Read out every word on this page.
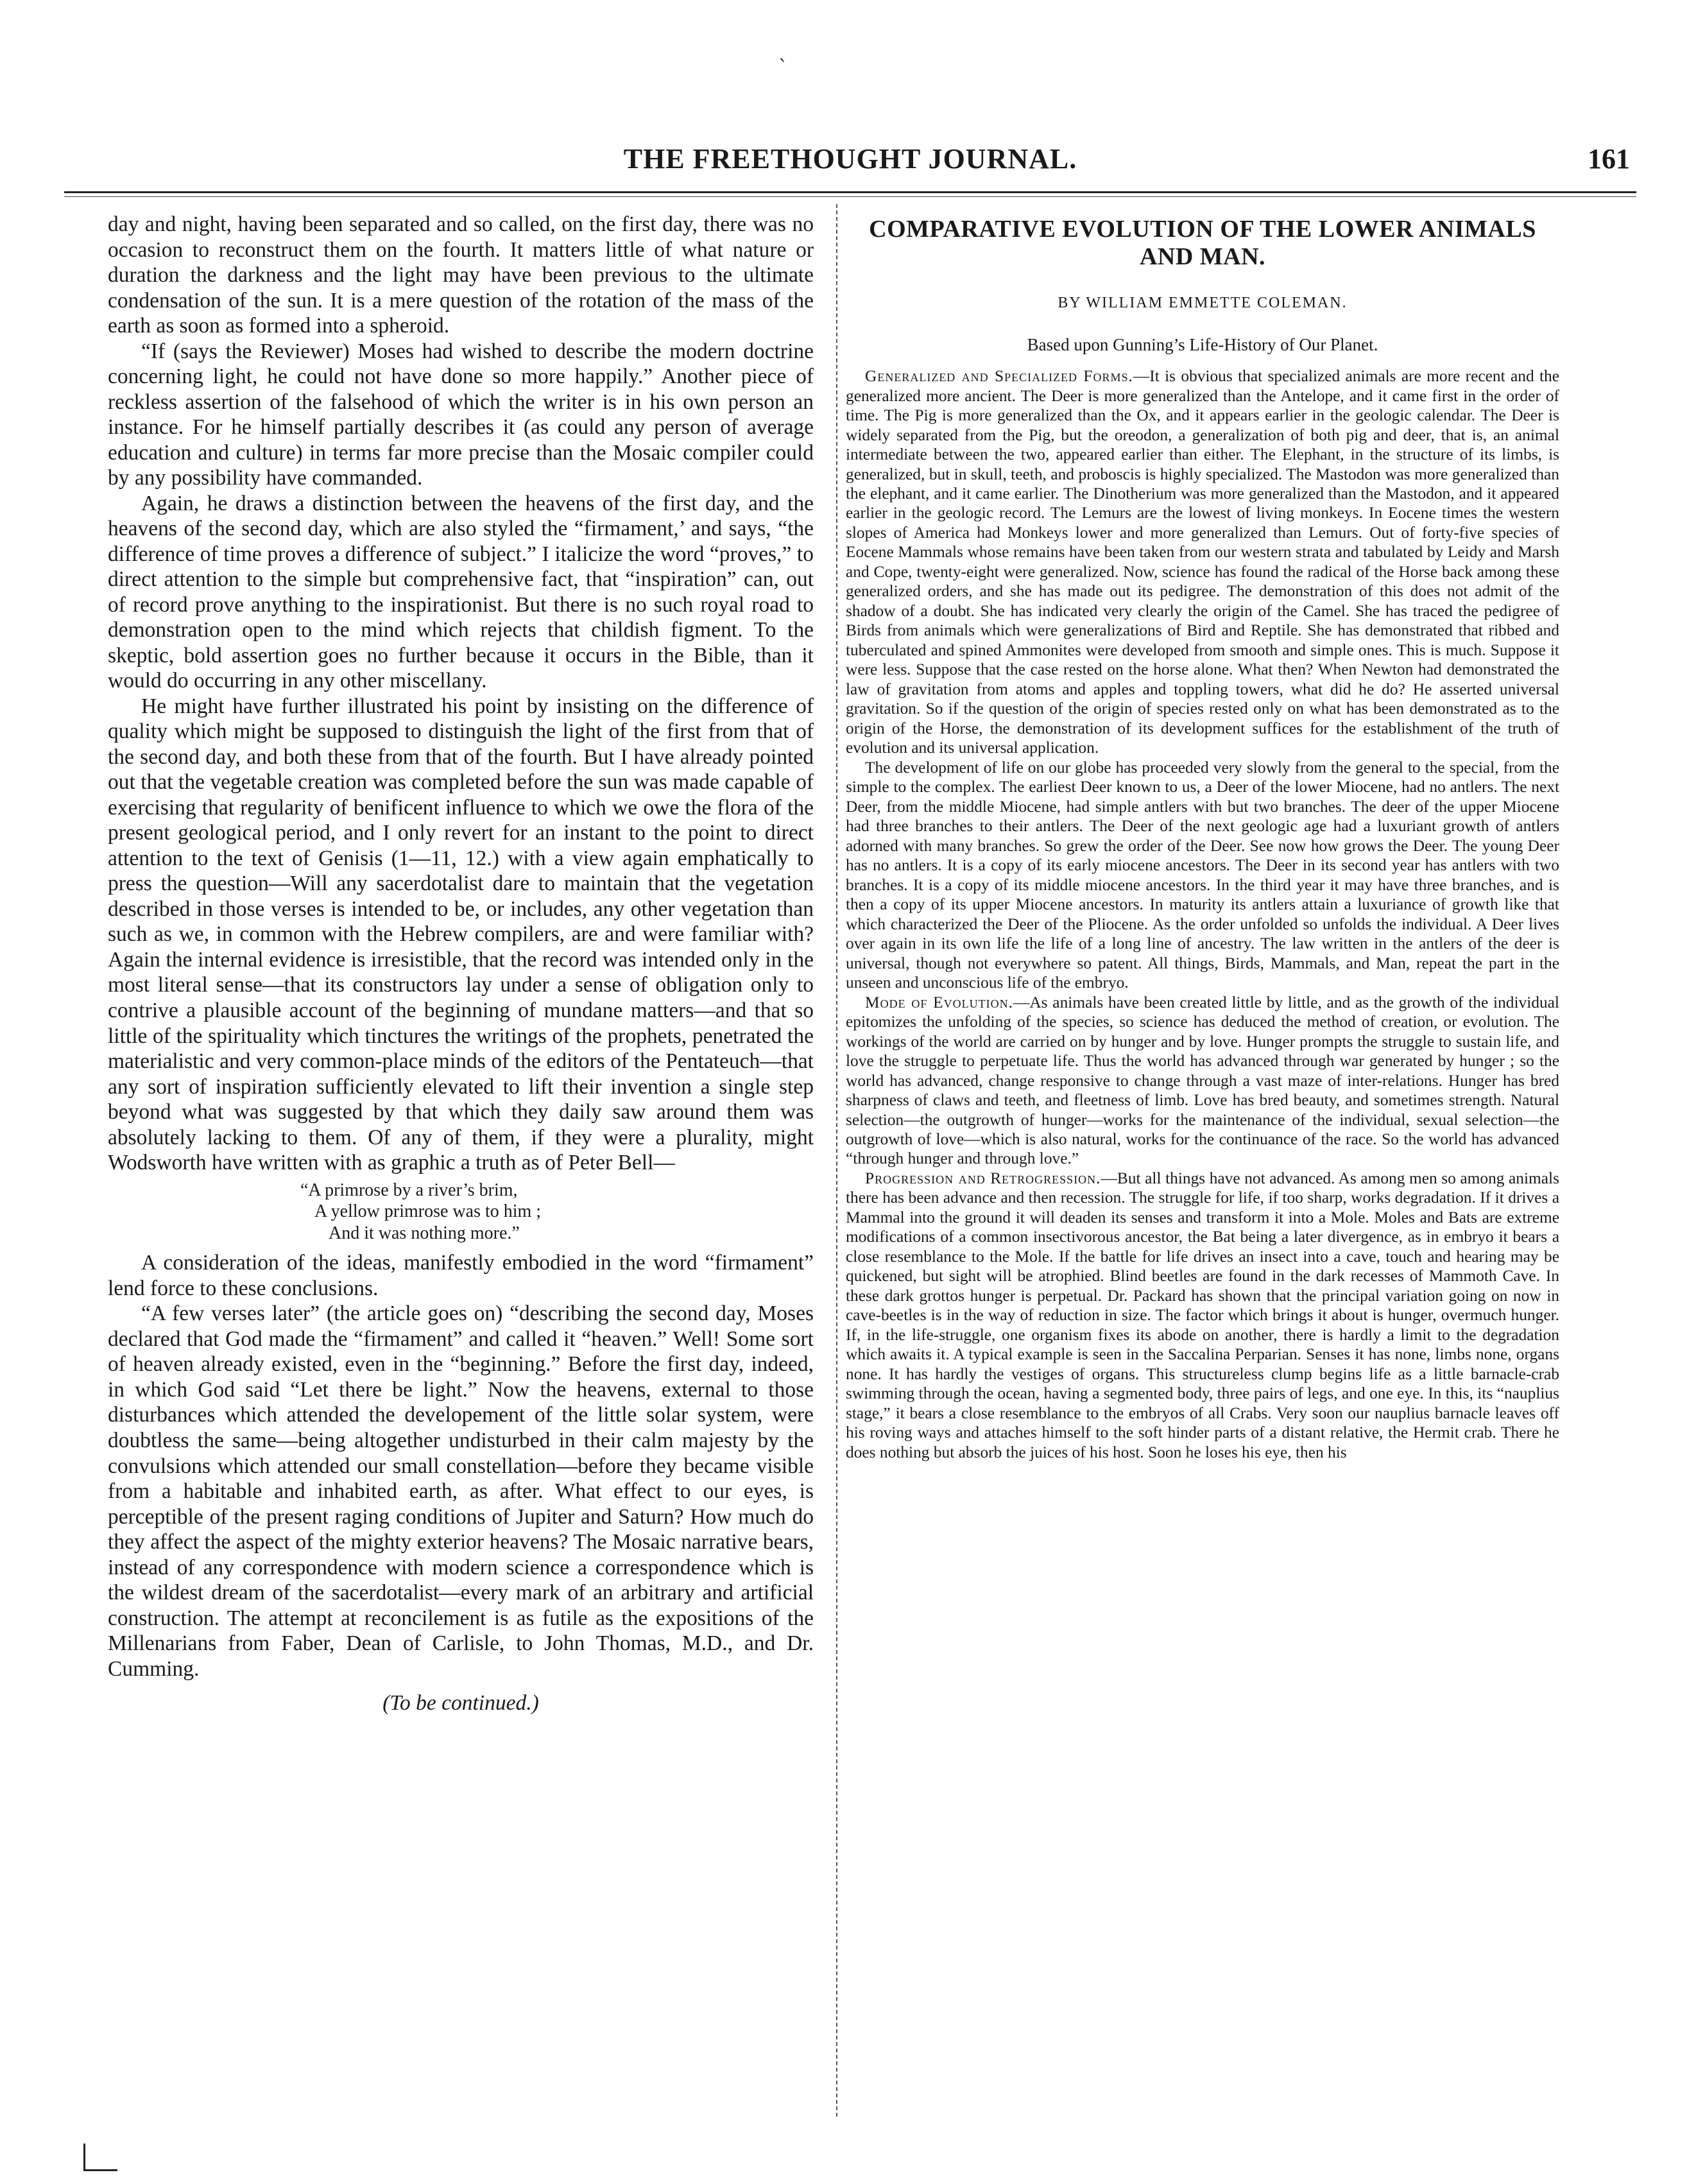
`
THE FREETHOUGHT JOURNAL.	161

day and night, having been separated and so called, on the first day, there was no occasion to reconstruct them on the fourth. It matters little of what nature or duration the darkness and the light may have been previous to the ultimate condensation of the sun. It is a mere question of the rotation of the mass of the earth as soon as formed into a spheroid.

“If (says the Reviewer) Moses had wished to describe the modern doctrine concerning light, he could not have done so more happily.” Another piece of reckless assertion of the falsehood of which the writer is in his own person an instance. For he himself partially describes it (as could any person of average education and culture) in terms far more precise than the Mosaic compiler could by any possibility have commanded.

Again, he draws a distinction between the heavens of the first day, and the heavens of the second day, which are also styled the “firmament,’ and says, “the difference of time proves a difference of subject.” I italicize the word “proves,” to direct attention to the simple but comprehensive fact, that “inspiration” can, out of record prove anything to the inspirationist. But there is no such royal road to demonstration open to the mind which rejects that childish figment. To the skeptic, bold assertion goes no further because it occurs in the Bible, than it would do occurring in any other miscellany.

He might have further illustrated his point by insisting on the difference of quality which might be supposed to distinguish the light of the first from that of the second day, and both these from that of the fourth. But I have already pointed out that the vegetable creation was completed before the sun was made capable of exercising that regularity of benificent influence to which we owe the flora of the present geological period, and I only revert for an instant to the point to direct attention to the text of Genisis (1—11, 12.) with a view again emphatically to press the question—Will any sacerdotalist dare to maintain that the vegetation described in those verses is intended to be, or includes, any other vegetation than such as we, in common with the Hebrew compilers, are and were familiar with? Again the internal evidence is irresistible, that the record was intended only in the most literal sense—that its constructors lay under a sense of obligation only to contrive a plausible account of the beginning of mundane matters—and that so little of the spirituality which tinctures the writings of the prophets, penetrated the materialistic and very common-place minds of the editors of the Pentateuch—that any sort of inspiration sufficiently elevated to lift their invention a single step beyond what was suggested by that which they daily saw around them was absolutely lacking to them. Of any of them, if they were a plurality, might Wodsworth have written with as graphic a truth as of Peter Bell—

“A primrose by a river’s brim,
A yellow primrose was to him ;
And it was nothing more.”

A consideration of the ideas, manifestly embodied in the word “firmament” lend force to these conclusions.

“A few verses later” (the article goes on) “describing the second day, Moses declared that God made the “firmament” and called it “heaven.” Well! Some sort of heaven already existed, even in the “beginning.” Before the first day, indeed, in which God said “Let there be light.” Now the heavens, external to those disturbances which attended the developement of the little solar system, were doubtless the same—being altogether undisturbed in their calm majesty by the convulsions which attended our small constellation—before they became visible from a habitable and inhabited earth, as after. What effect to our eyes, is perceptible of the present raging conditions of Jupiter and Saturn? How much do they affect the aspect of the mighty exterior heavens? The Mosaic narrative bears, instead of any correspondence with modern science a correspondence which is the wildest dream of the sacerdotalist—every mark of an arbitrary and artificial construction. The attempt at reconcilement is as futile as the expositions of the Millenarians from Faber, Dean of Carlisle, to John Thomas, M.D., and Dr. Cumming.

(To be continued.)
COMPARATIVE EVOLUTION OF THE LOWER ANIMALS
AND MAN.
BY WILLIAM EMMETTE COLEMAN.
Based upon Gunning’s Life-History of Our Planet.

Generalized and Specialized Forms.—It is obvious that specialized animals are more recent and the generalized more ancient. The Deer is more generalized than the Antelope, and it came first in the order of time. The Pig is more generalized than the Ox, and it appears earlier in the geologic calendar. The Deer is widely separated from the Pig, but the oreodon, a generalization of both pig and deer, that is, an animal intermediate between the two, appeared earlier than either. The Elephant, in the structure of its limbs, is generalized, but in skull, teeth, and proboscis is highly specialized. The Mastodon was more generalized than the elephant, and it came earlier. The Dinotherium was more generalized than the Mastodon, and it appeared earlier in the geologic record. The Lemurs are the lowest of living monkeys. In Eocene times the western slopes of America had Monkeys lower and more generalized than Lemurs. Out of forty-five species of Eocene Mammals whose remains have been taken from our western strata and tabulated by Leidy and Marsh and Cope, twenty-eight were generalized. Now, science has found the radical of the Horse back among these generalized orders, and she has made out its pedigree. The demonstration of this does not admit of the shadow of a doubt. She has indicated very clearly the origin of the Camel. She has traced the pedigree of Birds from animals which were generalizations of Bird and Reptile. She has demonstrated that ribbed and tuberculated and spined Ammonites were developed from smooth and simple ones. This is much. Suppose it were less. Suppose that the case rested on the horse alone. What then? When Newton had demonstrated the law of gravitation from atoms and apples and toppling towers, what did he do? He asserted universal gravitation. So if the question of the origin of species rested only on what has been demonstrated as to the origin of the Horse, the demonstration of its development suffices for the establishment of the truth of evolution and its universal application.

The development of life on our globe has proceeded very slowly from the general to the special, from the simple to the complex. The earliest Deer known to us, a Deer of the lower Miocene, had no antlers. The next Deer, from the middle Miocene, had simple antlers with but two branches. The deer of the upper Miocene had three branches to their antlers. The Deer of the next geologic age had a luxuriant growth of antlers adorned with many branches. So grew the order of the Deer. See now how grows the Deer. The young Deer has no antlers. It is a copy of its early miocene ancestors. The Deer in its second year has antlers with two branches. It is a copy of its middle miocene ancestors. In the third year it may have three branches, and is then a copy of its upper Miocene ancestors. In maturity its antlers attain a luxuriance of growth like that which characterized the Deer of the Pliocene. As the order unfolded so unfolds the individual. A Deer lives over again in its own life the life of a long line of ancestry. The law written in the antlers of the deer is universal, though not everywhere so patent. All things, Birds, Mammals, and Man, repeat the part in the unseen and unconscious life of the embryo.

Mode of Evolution.—As animals have been created little by little, and as the growth of the individual epitomizes the unfolding of the species, so science has deduced the method of creation, or evolution. The workings of the world are carried on by hunger and by love. Hunger prompts the struggle to sustain life, and love the struggle to perpetuate life. Thus the world has advanced through war generated by hunger ; so the world has advanced, change responsive to change through a vast maze of inter-relations. Hunger has bred sharpness of claws and teeth, and fleetness of limb. Love has bred beauty, and sometimes strength. Natural selection—the outgrowth of hunger—works for the maintenance of the individual, sexual selection—the outgrowth of love—which is also natural, works for the continuance of the race. So the world has advanced “through hunger and through love.”

Progression and Retrogression.—But all things have not advanced. As among men so among animals there has been advance and then recession. The struggle for life, if too sharp, works degradation. If it drives a Mammal into the ground it will deaden its senses and transform it into a Mole. Moles and Bats are extreme modifications of a common insectivorous ancestor, the Bat being a later divergence, as in embryo it bears a close resemblance to the Mole. If the battle for life drives an insect into a cave, touch and hearing may be quickened, but sight will be atrophied. Blind beetles are found in the dark recesses of Mammoth Cave. In these dark grottos hunger is perpetual. Dr. Packard has shown that the principal variation going on now in cave-beetles is in the way of reduction in size. The factor which brings it about is hunger, overmuch hunger. If, in the life-struggle, one organism fixes its abode on another, there is hardly a limit to the degradation which awaits it. A typical example is seen in the Saccalina Perparian. Senses it has none, limbs none, organs none. It has hardly the vestiges of organs. This structureless clump begins life as a little barnacle-crab swimming through the ocean, having a segmented body, three pairs of legs, and one eye. In this, its “nauplius stage,” it bears a close resemblance to the embryos of all Crabs. Very soon our nauplius barnacle leaves off his roving ways and attaches himself to the soft hinder parts of a distant relative, the Hermit crab. There he does nothing but absorb the juices of his host. Soon he loses his eye, then his
